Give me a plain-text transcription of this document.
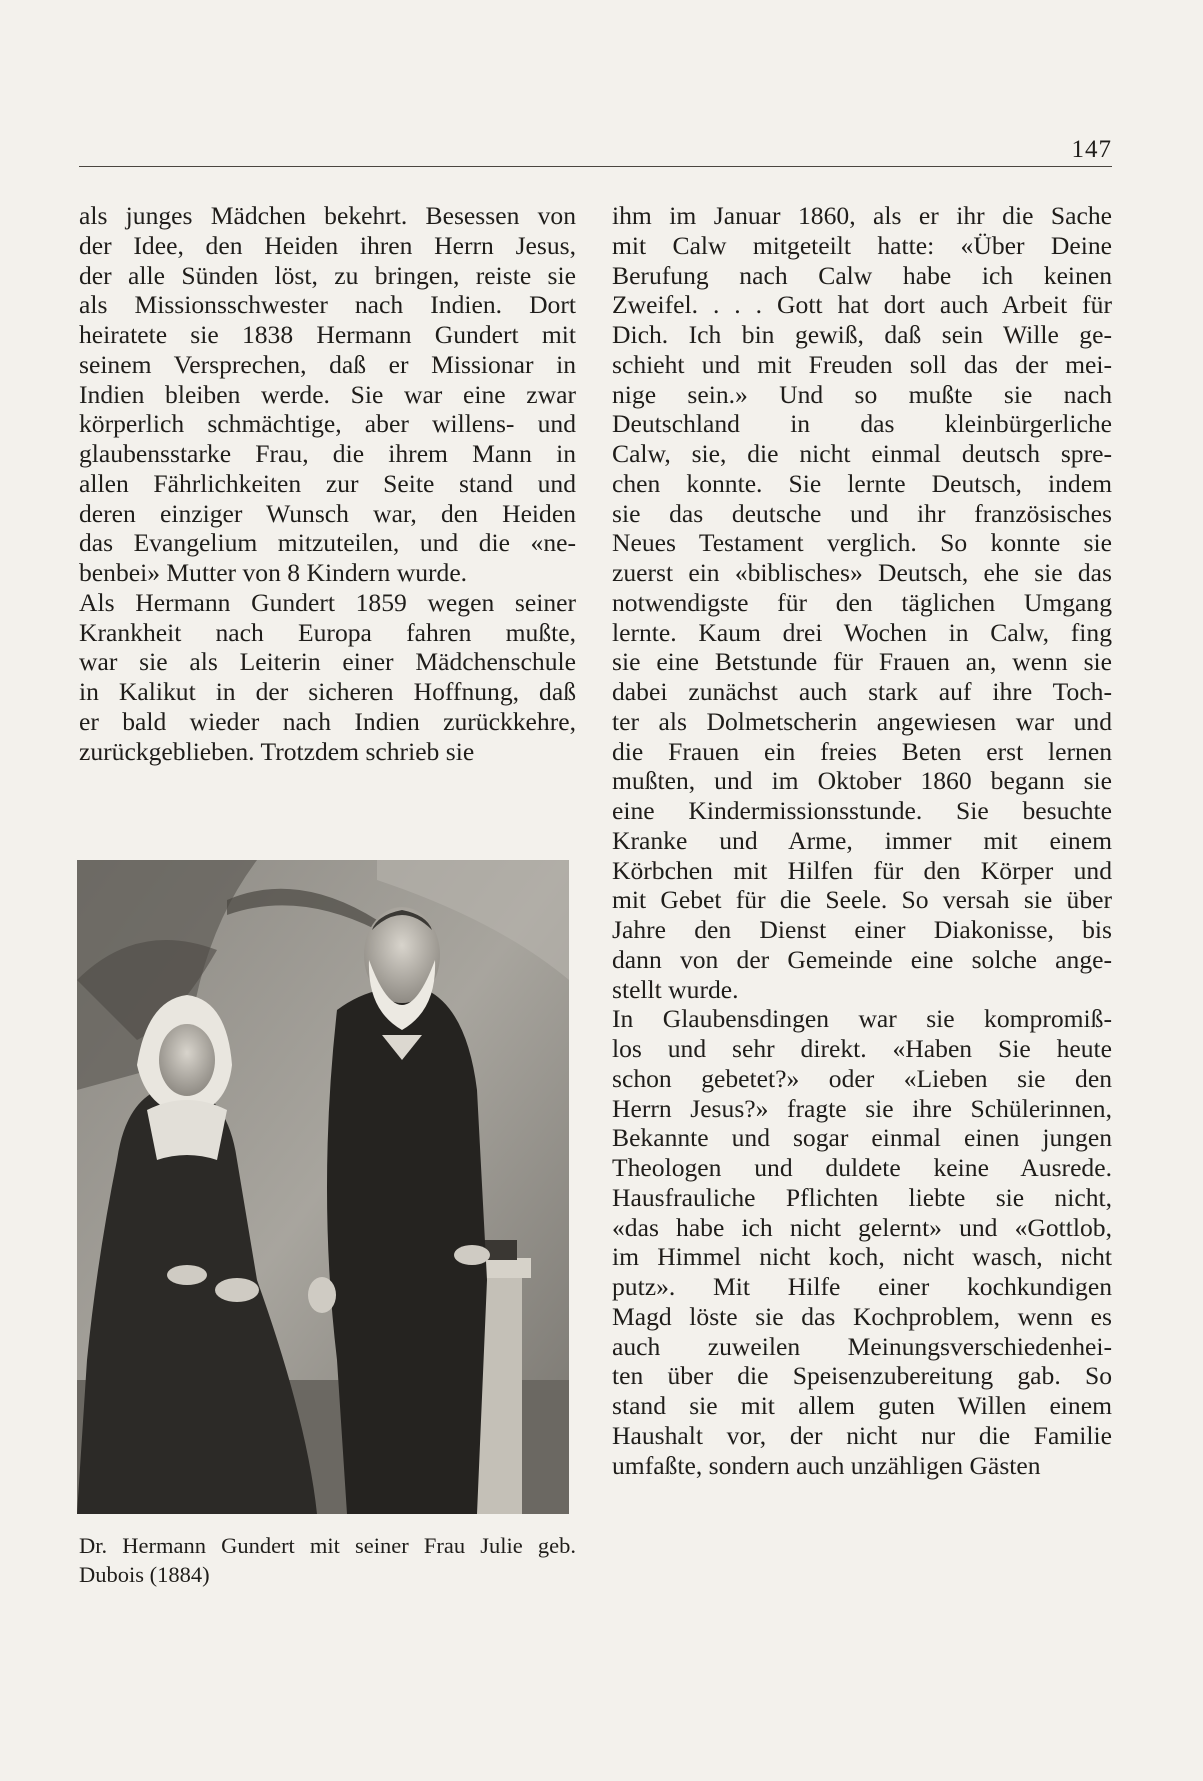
147
als junges Mädchen bekehrt. Besessen von
der Idee, den Heiden ihren Herrn Jesus,
der alle Sünden löst, zu bringen, reiste sie
als Missionsschwester nach Indien. Dort
heiratete sie 1838 Hermann Gundert mit
seinem Versprechen, daß er Missionar in
Indien bleiben werde. Sie war eine zwar
körperlich schmächtige, aber willens- und
glaubensstarke Frau, die ihrem Mann in
allen Fährlichkeiten zur Seite stand und
deren einziger Wunsch war, den Heiden
das Evangelium mitzuteilen, und die «ne-
benbei» Mutter von 8 Kindern wurde.
Als Hermann Gundert 1859 wegen seiner
Krankheit nach Europa fahren mußte,
war sie als Leiterin einer Mädchenschule
in Kalikut in der sicheren Hoffnung, daß
er bald wieder nach Indien zurückkehre,
zurückgeblieben. Trotzdem schrieb sie
Dr. Hermann Gundert mit seiner Frau Julie geb.
Dubois (1884)
ihm im Januar 1860, als er ihr die Sache
mit Calw mitgeteilt hatte: «Über Deine
Berufung nach Calw habe ich keinen
Zweifel. . . . Gott hat dort auch Arbeit für
Dich. Ich bin gewiß, daß sein Wille ge-
schieht und mit Freuden soll das der mei-
nige sein.» Und so mußte sie nach
Deutschland in das kleinbürgerliche
Calw, sie, die nicht einmal deutsch spre-
chen konnte. Sie lernte Deutsch, indem
sie das deutsche und ihr französisches
Neues Testament verglich. So konnte sie
zuerst ein «biblisches» Deutsch, ehe sie das
notwendigste für den täglichen Umgang
lernte. Kaum drei Wochen in Calw, fing
sie eine Betstunde für Frauen an, wenn sie
dabei zunächst auch stark auf ihre Toch-
ter als Dolmetscherin angewiesen war und
die Frauen ein freies Beten erst lernen
mußten, und im Oktober 1860 begann sie
eine Kindermissionsstunde. Sie besuchte
Kranke und Arme, immer mit einem
Körbchen mit Hilfen für den Körper und
mit Gebet für die Seele. So versah sie über
Jahre den Dienst einer Diakonisse, bis
dann von der Gemeinde eine solche ange-
stellt wurde.
In Glaubensdingen war sie kompromiß-
los und sehr direkt. «Haben Sie heute
schon gebetet?» oder «Lieben sie den
Herrn Jesus?» fragte sie ihre Schülerinnen,
Bekannte und sogar einmal einen jungen
Theologen und duldete keine Ausrede.
Hausfrauliche Pflichten liebte sie nicht,
«das habe ich nicht gelernt» und «Gottlob,
im Himmel nicht koch, nicht wasch, nicht
putz». Mit Hilfe einer kochkundigen
Magd löste sie das Kochproblem, wenn es
auch zuweilen Meinungsverschiedenhei-
ten über die Speisenzubereitung gab. So
stand sie mit allem guten Willen einem
Haushalt vor, der nicht nur die Familie
umfaßte, sondern auch unzähligen Gästen
